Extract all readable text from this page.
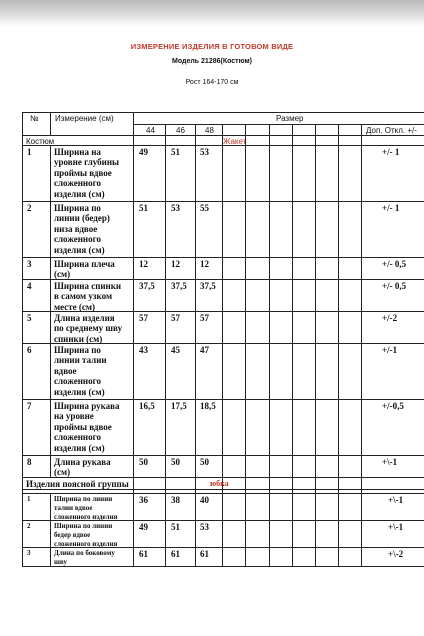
ИЗМЕРЕНИЕ ИЗДЕЛИЯ В ГОТОВОМ ВИДЕ
Модель 21286(Костюм)
Рост 164-170 см
№ Измерение (см)	Размер
44	46	48	Доп. Откл. +/-
Костюм	Жакет
1	Ширина на
уровне глубины
проймы вдвое
сложенного
изделия (см)
49	51 53	+/- 1
2	Ширина по
линии (бедер)
низа вдвое
сложенного
изделия (см)
51	53 55	+/- 1
3	Ширина плеча
(см)
12	12 12	+/- 0,5
4	Ширина спинки
в самом узком
месте (см)
37,5 37,5 37,5	+/- 0,5
5	Длина изделия
по среднему шву
спинки (см)
57	57 57	+/-2
6	Ширина по
линии талии
вдвое
сложенного
изделия (см)
43	45 47	+/-1
7	Ширина рукава
на уровне
проймы вдвое
сложенного
изделия (см)
16,5 17,5 18,5	+/-0,5
8	Длина рукава
(см)
50	50 50	+\-1
Изделия поясной группы	юбка
1	Ширина по линии
талии вдвое
сложенного изделия
36	38 40	+\-1
2	Ширина по линии
бедер вдвое
сложенного изделия
49	51 53	+\-1
3	Длина по боковому
шву
61	61 61	+\-2
